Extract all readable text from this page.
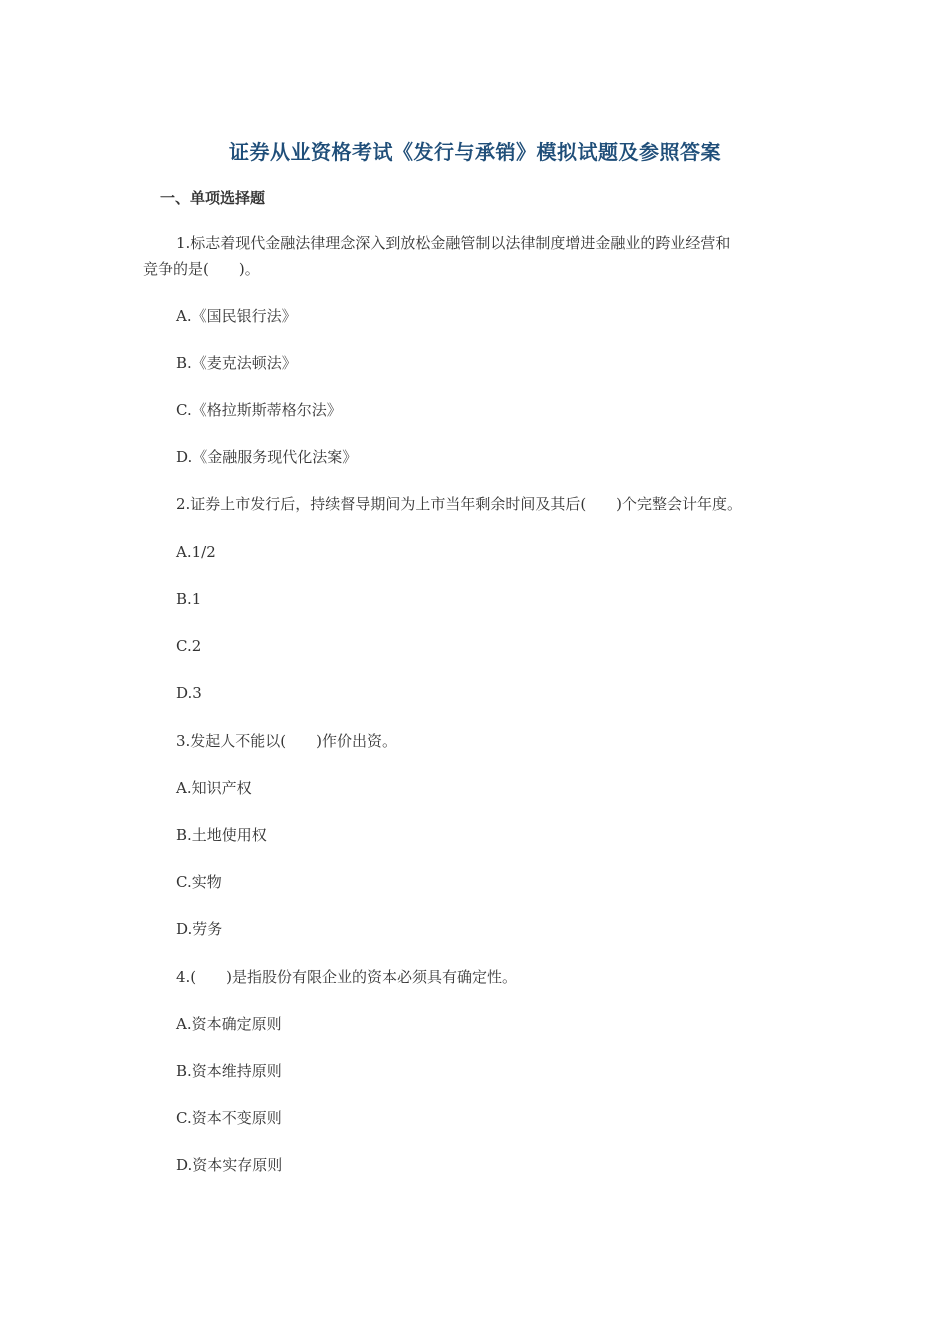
证券从业资格考试《发行与承销》模拟试题及参照答案
一、单项选择题

1.标志着现代金融法律理念深入到放松金融管制以法律制度增进金融业的跨业经营和

竞争的是(　　)。

A.《国民银行法》

B.《麦克法顿法》

C.《格拉斯斯蒂格尔法》

D.《金融服务现代化法案》

2.证券上市发行后，持续督导期间为上市当年剩余时间及其后(　　)个完整会计年度。

A.1/2

B.1

C.2

D.3

3.发起人不能以(　　)作价出资。

A.知识产权

B.土地使用权

C.实物

D.劳务

4.(　　)是指股份有限企业的资本必须具有确定性。

A.资本确定原则

B.资本维持原则

C.资本不变原则

D.资本实存原则
